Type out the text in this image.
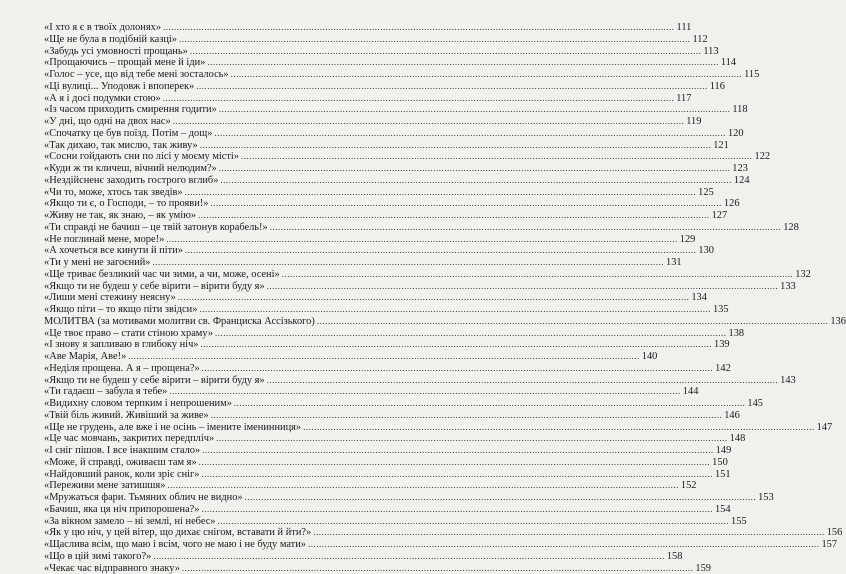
«І хто я є в твоїх долонях» .....	111
«Ще не була в подібній казці» .....	112
«Забудь усі умовності прощань» .....	113
«Прощаючись – прощай мене й іди» .....	114
«Голос – усе, що від тебе мені зосталось» .....	115
«Ці вулиці... Уподовж і впоперек» .....	116
«А я і досі подумки стою» .....	117
«Із часом приходить смирення годити» .....	118
«У дні, що одні на двох нас» .....	119
«Спочатку це був поїзд. Потім – дощ» .....	120
«Так дихаю, так мислю, так живу» .....	121
«Сосни гойдають сни по лісі у моєму місті» .....	122
«Куди ж ти кличеш, вічний нелюдим?» .....	123
«Нездійсненє заходить гострого вглиб» .....	124
«Чи то, може, хтось так зведів» .....	125
«Якщо ти є, о Господи, – то прояви!» .....	126
«Живу не так, як знаю, – як умію» .....	127
«Ти справді не бачиш – це твій затонув корабель!» .....	128
«Не поглинай мене, море!» .....	129
«А хочеться все кинути й піти» .....	130
«Ти у мені не загоєний» .....	131
«Ще триває безликий час чи зими, а чи, може, осені» .....	132
«Якщо ти не будеш у себе вірити – вірити буду я» .....	133
«Лиши мені стежину неясну» .....	134
«Якщо піти – то якщо піти звідси» .....	135
МОЛИТВА (за мотивами молитви св. Франциска Ассізького) .....	136
«Це твоє право – стати стіною храму» .....	138
«І знову я запливаю в глибоку ніч» .....	139
«Аве Марія, Аве!» .....	140
«Неділя прощена. А я – прощена?» .....	142
«Якщо ти не будеш у себе вірити – вірити буду я» .....	143
«Ти гадаєш – забула я тебе» .....	144
«Видихну словом терпким і непрошеним» .....	145
«Твій біль живий. Живіший за живе» .....	146
«Ще не грудень, але вже і не осінь – імените іменинниця» .....	147
«Це час мовчань, закритих передпліч» .....	148
«І сніг пішов. І все інакшим стало» .....	149
«Може, й справді, оживаєш там я» .....	150
«Найдовший ранок, коли зріє сніг» .....	151
«Переживи мене затишшя» .....	152
«Мружаться фари. Тьмяних облич не видно» .....	153
«Бачиш, яка ця ніч припорошена?» .....	154
«За вікном замело – ні землі, ні небес» .....	155
«Як у цю ніч, у цей вітер, що дихає снігом, вставати й йти?» .....	156
«Щаслива всім, що маю і всім, чого не маю і не буду мати» .....	157
«Що в цій зимі такого?» .....	158
«Чекає час відправного знаку» .....	159
